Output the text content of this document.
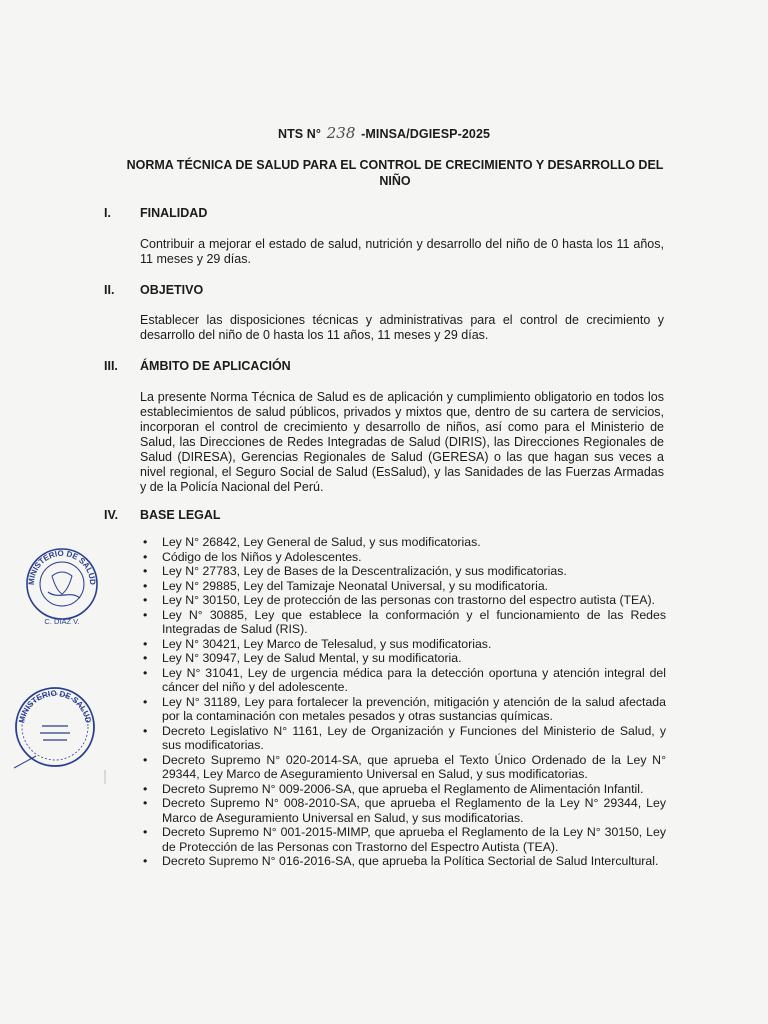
NTS N° 238 -MINSA/DGIESP-2025
NORMA TÉCNICA DE SALUD PARA EL CONTROL DE CRECIMIENTO Y DESARROLLO DEL NIÑO
I. FINALIDAD
Contribuir a mejorar el estado de salud, nutrición y desarrollo del niño de 0 hasta los 11 años, 11 meses y 29 días.
II. OBJETIVO
Establecer las disposiciones técnicas y administrativas para el control de crecimiento y desarrollo del niño de 0 hasta los 11 años, 11 meses y 29 días.
III. ÁMBITO DE APLICACIÓN
La presente Norma Técnica de Salud es de aplicación y cumplimiento obligatorio en todos los establecimientos de salud públicos, privados y mixtos que, dentro de su cartera de servicios, incorporan el control de crecimiento y desarrollo de niños, así como para el Ministerio de Salud, las Direcciones de Redes Integradas de Salud (DIRIS), las Direcciones Regionales de Salud (DIRESA), Gerencias Regionales de Salud (GERESA) o las que hagan sus veces a nivel regional, el Seguro Social de Salud (EsSalud), y las Sanidades de las Fuerzas Armadas y de la Policía Nacional del Perú.
IV. BASE LEGAL
• Ley N° 26842, Ley General de Salud, y sus modificatorias.
• Código de los Niños y Adolescentes.
• Ley N° 27783, Ley de Bases de la Descentralización, y sus modificatorias.
• Ley N° 29885, Ley del Tamizaje Neonatal Universal, y su modificatoria.
• Ley N° 30150, Ley de protección de las personas con trastorno del espectro autista (TEA).
• Ley N° 30885, Ley que establece la conformación y el funcionamiento de las Redes Integradas de Salud (RIS).
• Ley N° 30421, Ley Marco de Telesalud, y sus modificatorias.
• Ley N° 30947, Ley de Salud Mental, y su modificatoria.
• Ley N° 31041, Ley de urgencia médica para la detección oportuna y atención integral del cáncer del niño y del adolescente.
• Ley N° 31189, Ley para fortalecer la prevención, mitigación y atención de la salud afectada por la contaminación con metales pesados y otras sustancias químicas.
• Decreto Legislativo N° 1161, Ley de Organización y Funciones del Ministerio de Salud, y sus modificatorias.
• Decreto Supremo N° 020-2014-SA, que aprueba el Texto Único Ordenado de la Ley N° 29344, Ley Marco de Aseguramiento Universal en Salud, y sus modificatorias.
• Decreto Supremo N° 009-2006-SA, que aprueba el Reglamento de Alimentación Infantil.
• Decreto Supremo N° 008-2010-SA, que aprueba el Reglamento de la Ley N° 29344, Ley Marco de Aseguramiento Universal en Salud, y sus modificatorias.
• Decreto Supremo N° 001-2015-MIMP, que aprueba el Reglamento de la Ley N° 30150, Ley de Protección de las Personas con Trastorno del Espectro Autista (TEA).
• Decreto Supremo N° 016-2016-SA, que aprueba la Política Sectorial de Salud Intercultural.
MINISTERIO DE SALUD
C. DIAZ V.
MINISTERIO DE SALUD
